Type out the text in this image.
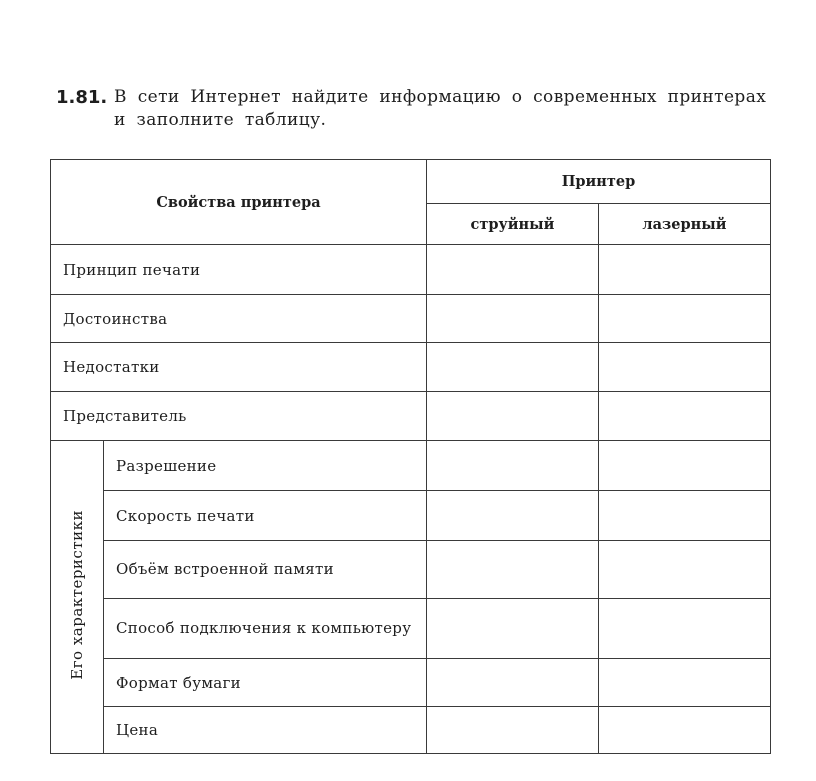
1.81. В сети Интернет найдите информацию о современных принтерах и заполните таблицу.
Свойства принтера		Принтер	
		струйный	лазерный
Принцип печати			
Достоинства			
Недостатки			
Представитель			
Его характеристики	Разрешение		
	Скорость печати		
	Объём встроенной памяти		
	Способ подключения к компьютеру		
	Формат бумаги		
	Цена		
